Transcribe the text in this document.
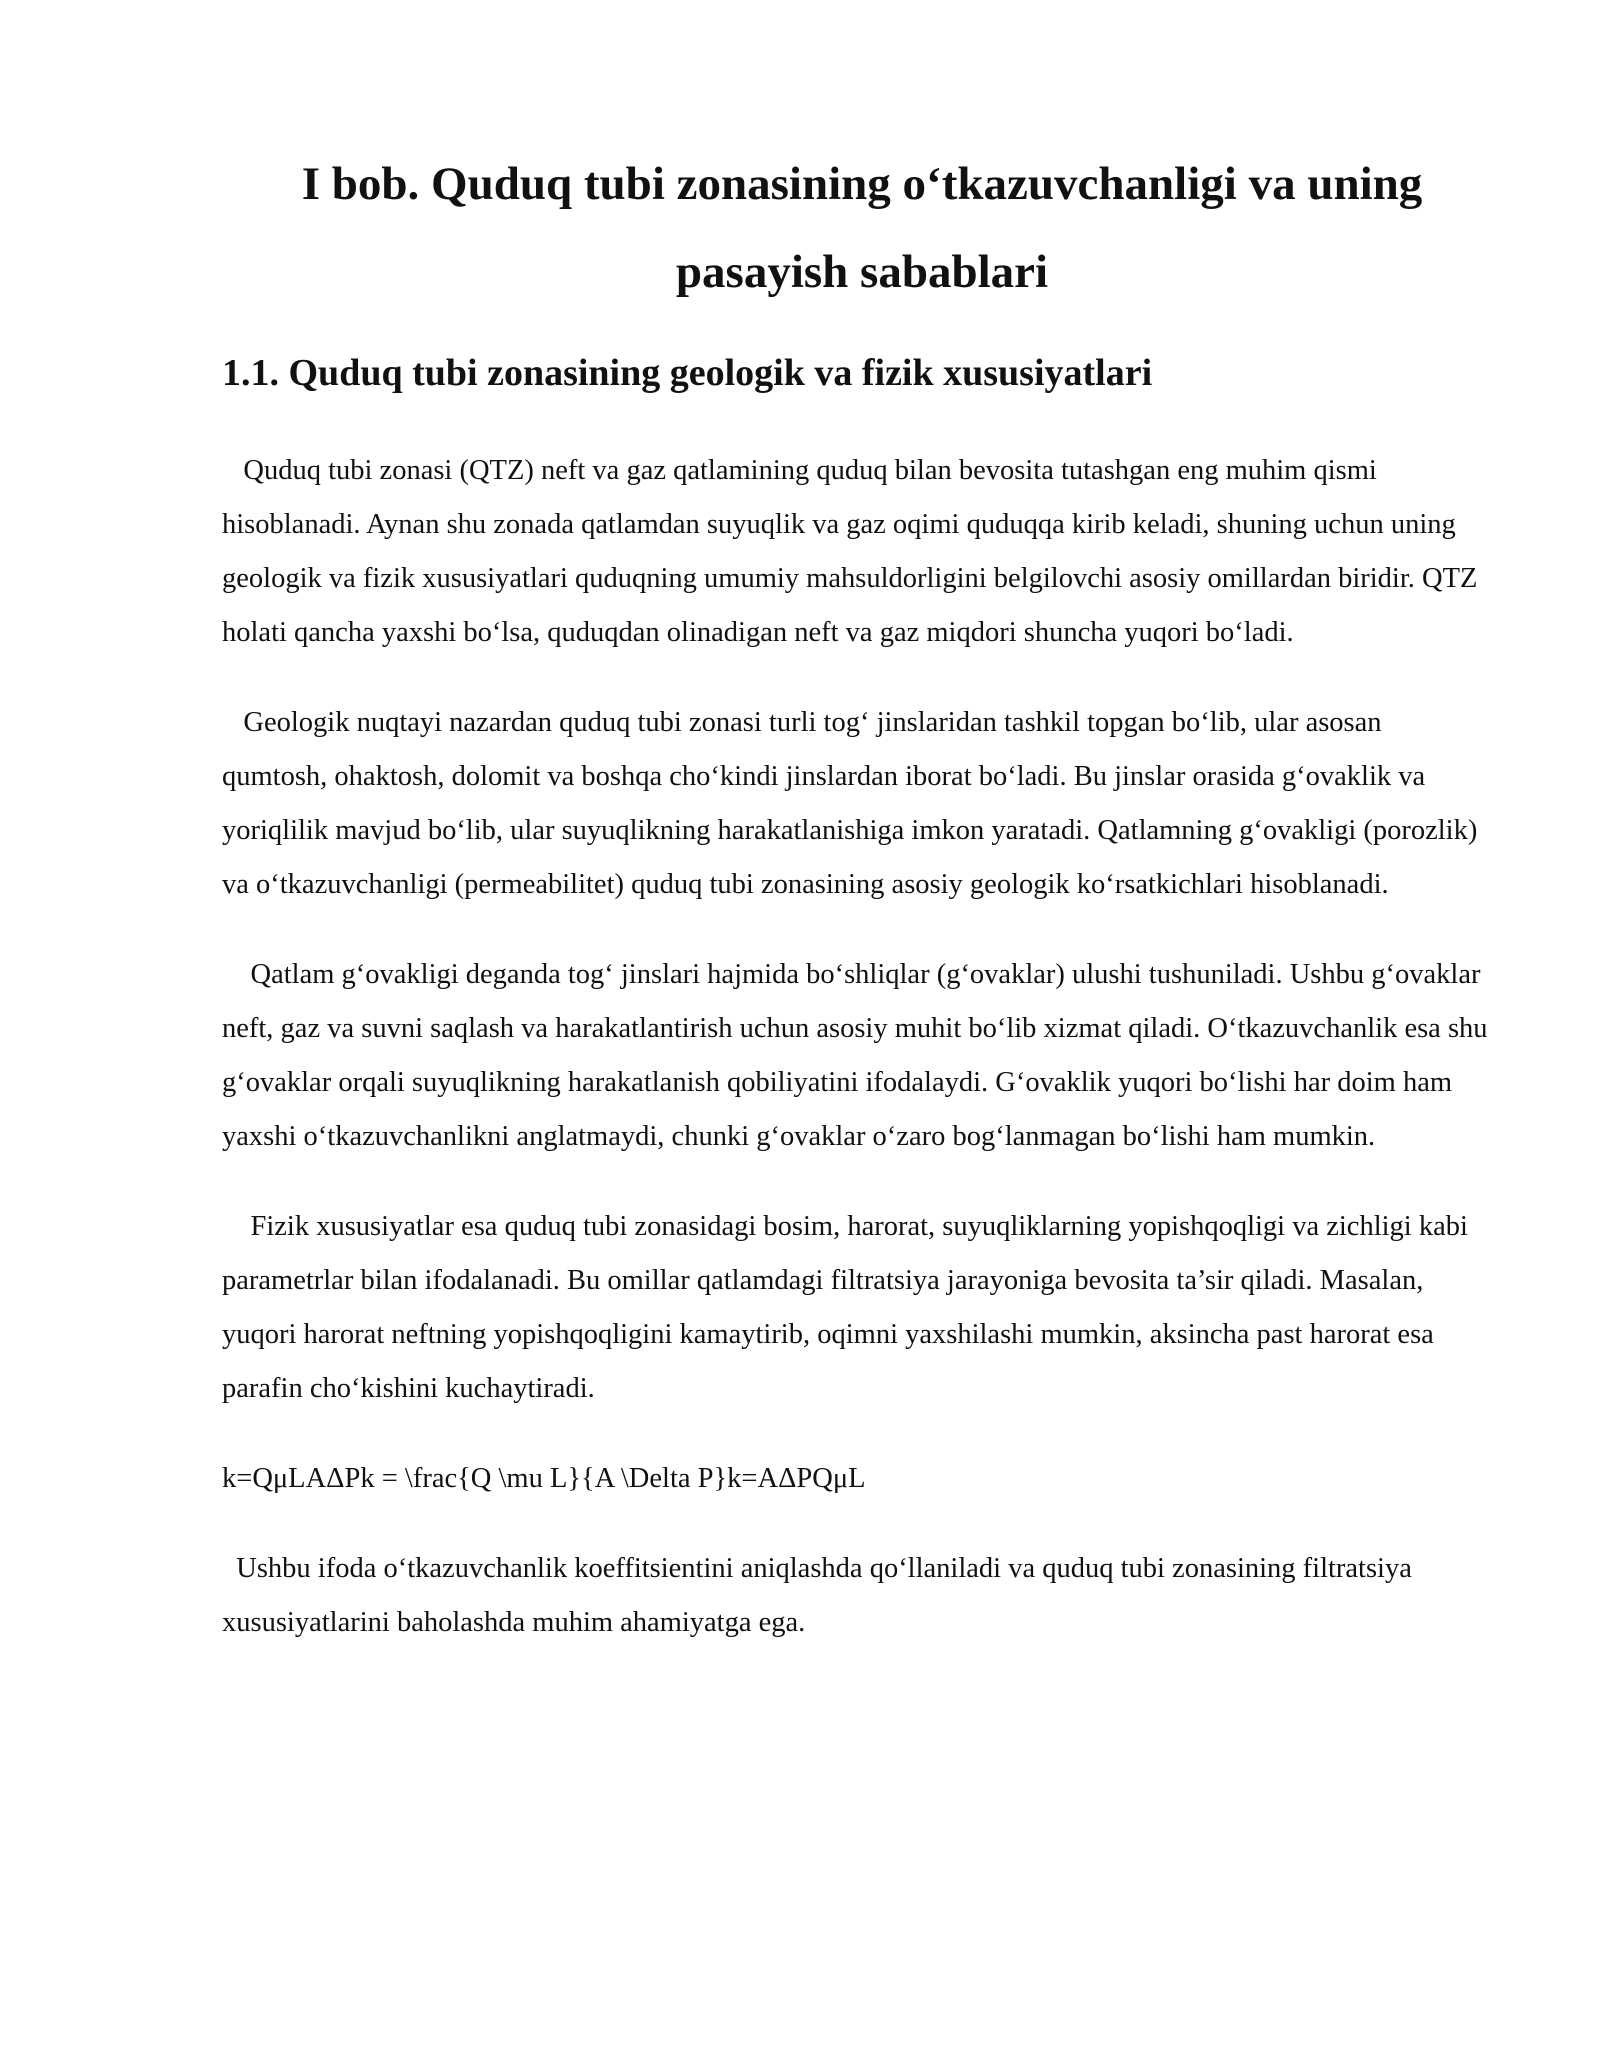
I bob. Quduq tubi zonasining o‘tkazuvchanligi va uning
pasayish sabablari
1.1. Quduq tubi zonasining geologik va fizik xususiyatlari

Quduq tubi zonasi (QTZ) neft va gaz qatlamining quduq bilan bevosita tutashgan eng muhim qismi hisoblanadi. Aynan shu zonada qatlamdan suyuqlik va gaz oqimi quduqqa kirib keladi, shuning uchun uning geologik va fizik xususiyatlari quduqning umumiy mahsuldorligini belgilovchi asosiy omillardan biridir. QTZ holati qancha yaxshi bo‘lsa, quduqdan olinadigan neft va gaz miqdori shuncha yuqori bo‘ladi.

Geologik nuqtayi nazardan quduq tubi zonasi turli tog‘ jinslaridan tashkil topgan bo‘lib, ular asosan qumtosh, ohaktosh, dolomit va boshqa cho‘kindi jinslardan iborat bo‘ladi. Bu jinslar orasida g‘ovaklik va yoriqlilik mavjud bo‘lib, ular suyuqlikning harakatlanishiga imkon yaratadi. Qatlamning g‘ovakligi (porozlik) va o‘tkazuvchanligi (permeabilitet) quduq tubi zonasining asosiy geologik ko‘rsatkichlari hisoblanadi.

Qatlam g‘ovakligi deganda tog‘ jinslari hajmida bo‘shliqlar (g‘ovaklar) ulushi tushuniladi. Ushbu g‘ovaklar neft, gaz va suvni saqlash va harakatlantirish uchun asosiy muhit bo‘lib xizmat qiladi. O‘tkazuvchanlik esa shu g‘ovaklar orqali suyuqlikning harakatlanish qobiliyatini ifodalaydi. G‘ovaklik yuqori bo‘lishi har doim ham yaxshi o‘tkazuvchanlikni anglatmaydi, chunki g‘ovaklar o‘zaro bog‘lanmagan bo‘lishi ham mumkin.

Fizik xususiyatlar esa quduq tubi zonasidagi bosim, harorat, suyuqliklarning yopishqoqligi va zichligi kabi parametrlar bilan ifodalanadi. Bu omillar qatlamdagi filtratsiya jarayoniga bevosita ta’sir qiladi. Masalan, yuqori harorat neftning yopishqoqligini kamaytirib, oqimni yaxshilashi mumkin, aksincha past harorat esa parafin cho‘kishini kuchaytiradi.

k=QμLAΔPk = \frac{Q \mu L}{A \Delta P}k=AΔPQμL

Ushbu ifoda o‘tkazuvchanlik koeffitsientini aniqlashda qo‘llaniladi va quduq tubi zonasining filtratsiya xususiyatlarini baholashda muhim ahamiyatga ega.
